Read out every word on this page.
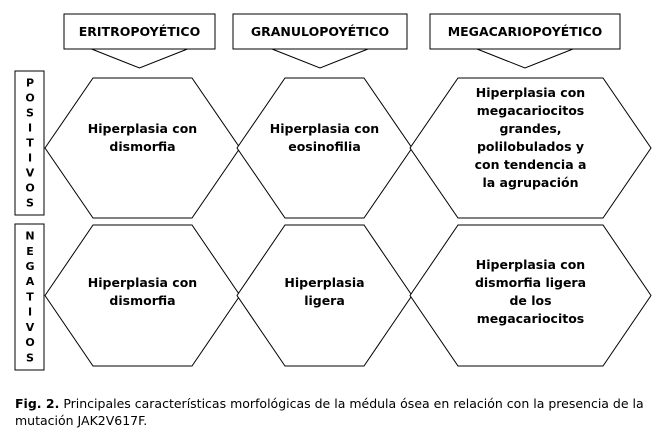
ERITROPOYÉTICO	GRANULOPOYÉTICO	MEGACARIOPOYÉTICO
P
O
S
I
T
I
V
O
S
N
E
G
A
T
I
V
O
S
Hiperplasia con dismorfia
Hiperplasia con eosinofilia
Hiperplasia con megacariocitos grandes, polilobulados y con tendencia a la agrupación
Hiperplasia con dismorfia
Hiperplasia ligera
Hiperplasia con dismorfia ligera de los megacariocitos
Fig. 2. Principales características morfológicas de la médula ósea en relación con la presencia de la mutación JAK2V617F.
